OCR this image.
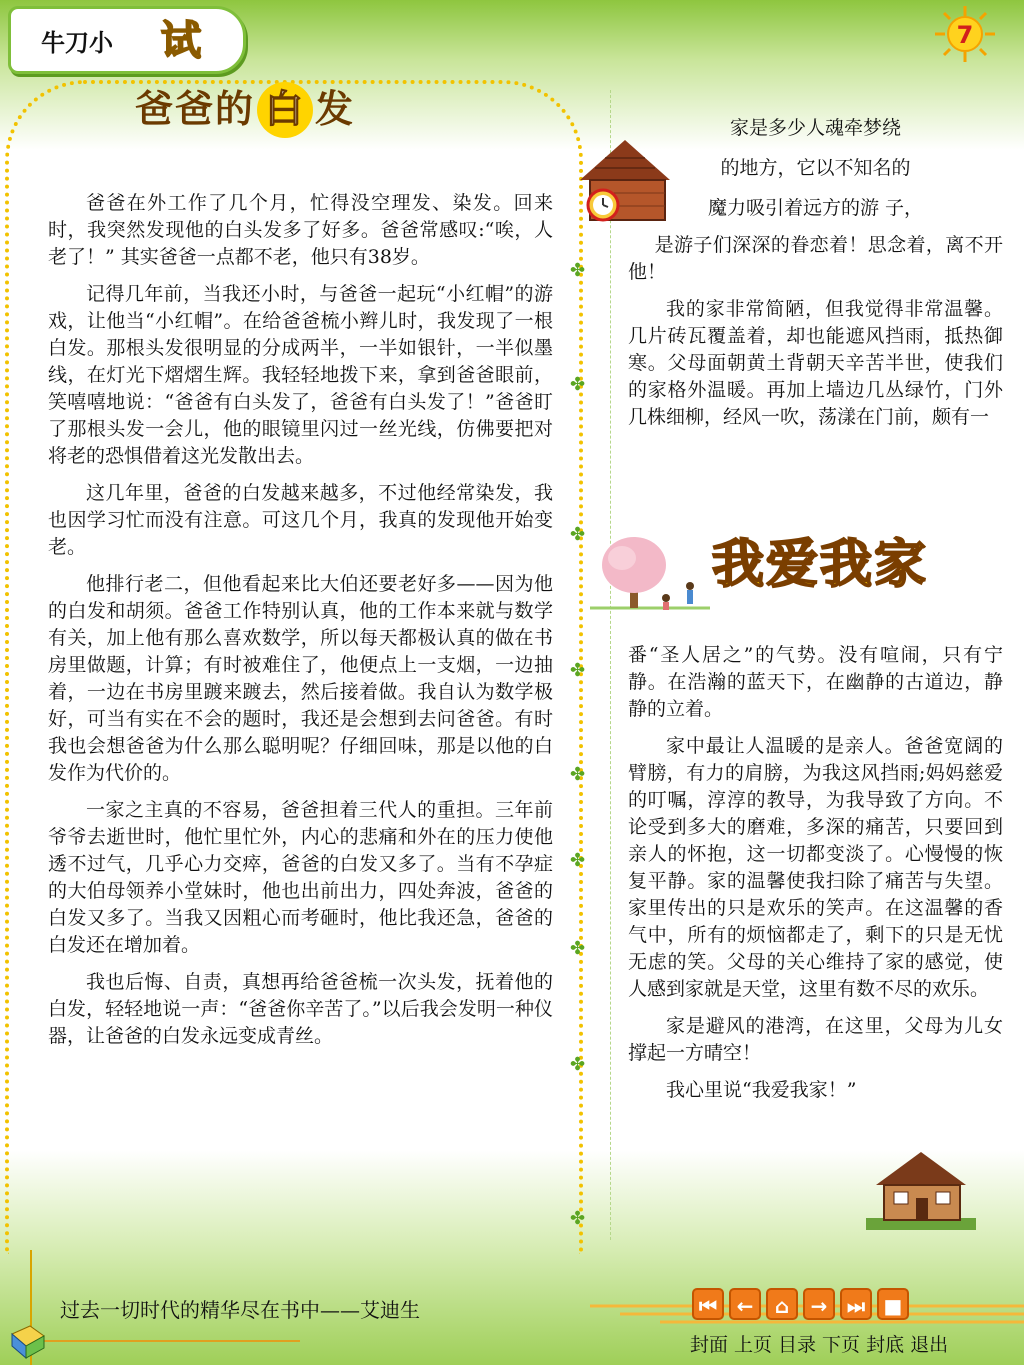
牛刀小 试	7
爸爸的 白 发

爸爸在外工作了几个月，忙得没空理发、染发。回来时，我突然发现他的白头发多了好多。爸爸常感叹:“唉，人老了！” 其实爸爸一点都不老，他只有38岁。

记得几年前，当我还小时，与爸爸一起玩“小红帽”的游戏，让他当“小红帽”。在给爸爸梳小辫儿时，我发现了一根白发。那根头发很明显的分成两半，一半如银针，一半似墨线，在灯光下熠熠生辉。我轻轻地拨下来，拿到爸爸眼前，笑嘻嘻地说：“爸爸有白头发了，爸爸有白头发了！”爸爸盯了那根头发一会儿，他的眼镜里闪过一丝光线，仿佛要把对将老的恐惧借着这光发散出去。

这几年里，爸爸的白发越来越多，不过他经常染发，我也因学习忙而没有注意。可这几个月，我真的发现他开始变老。

他排行老二，但他看起来比大伯还要老好多——因为他的白发和胡须。爸爸工作特别认真，他的工作本来就与数学有关，加上他有那么喜欢数学，所以每天都极认真的做在书房里做题，计算；有时被难住了，他便点上一支烟，一边抽着，一边在书房里踱来踱去，然后接着做。我自认为数学极好，可当有实在不会的题时，我还是会想到去问爸爸。有时我也会想爸爸为什么那么聪明呢？仔细回味，那是以他的白发作为代价的。

一家之主真的不容易，爸爸担着三代人的重担。三年前爷爷去逝世时，他忙里忙外，内心的悲痛和外在的压力使他透不过气，几乎心力交瘁，爸爸的白发又多了。当有不孕症的大伯母领养小堂妹时，他也出前出力，四处奔波，爸爸的白发又多了。当我又因粗心而考砸时，他比我还急，爸爸的白发还在增加着。

我也后悔、自责，真想再给爸爸梳一次头发，抚着他的白发，轻轻地说一声：“爸爸你辛苦了。”以后我会发明一种仪器，让爸爸的白发永远变成青丝。

✤
✤
✤
✤
✤
✤
✤
✤
✤

家是多少人魂牵梦绕

的地方，它以不知名的

魔力吸引着远方的游 子，

是游子们深深的眷恋着！思念着，离不开他！

我的家非常简陋，但我觉得非常温馨。几片砖瓦覆盖着，却也能遮风挡雨，抵热御寒。父母面朝黄土背朝天辛苦半世，使我们的家格外温暖。再加上墙边几丛绿竹，门外几株细柳，经风一吹，荡漾在门前，颇有一

我爱我家

番“圣人居之”的气势。没有喧闹，只有宁静。在浩瀚的蓝天下，在幽静的古道边，静静的立着。

家中最让人温暖的是亲人。爸爸宽阔的臂膀，有力的肩膀，为我这风挡雨;妈妈慈爱的叮嘱，淳淳的教导，为我导致了方向。不论受到多大的磨难，多深的痛苦，只要回到亲人的怀抱，这一切都变淡了。心慢慢的恢复平静。家的温馨使我扫除了痛苦与失望。家里传出的只是欢乐的笑声。在这温馨的香气中，所有的烦恼都走了，剩下的只是无忧无虑的笑。父母的关心维持了家的感觉，使人感到家就是天堂，这里有数不尽的欢乐。

家是避风的港湾，在这里，父母为儿女撑起一方晴空！

我心里说“我爱我家！”

过去一切时代的精华尽在书中——艾迪生	⏮ ←	⌂	→ ⏭ ■
封面 上页 目录 下页 封底 退出
